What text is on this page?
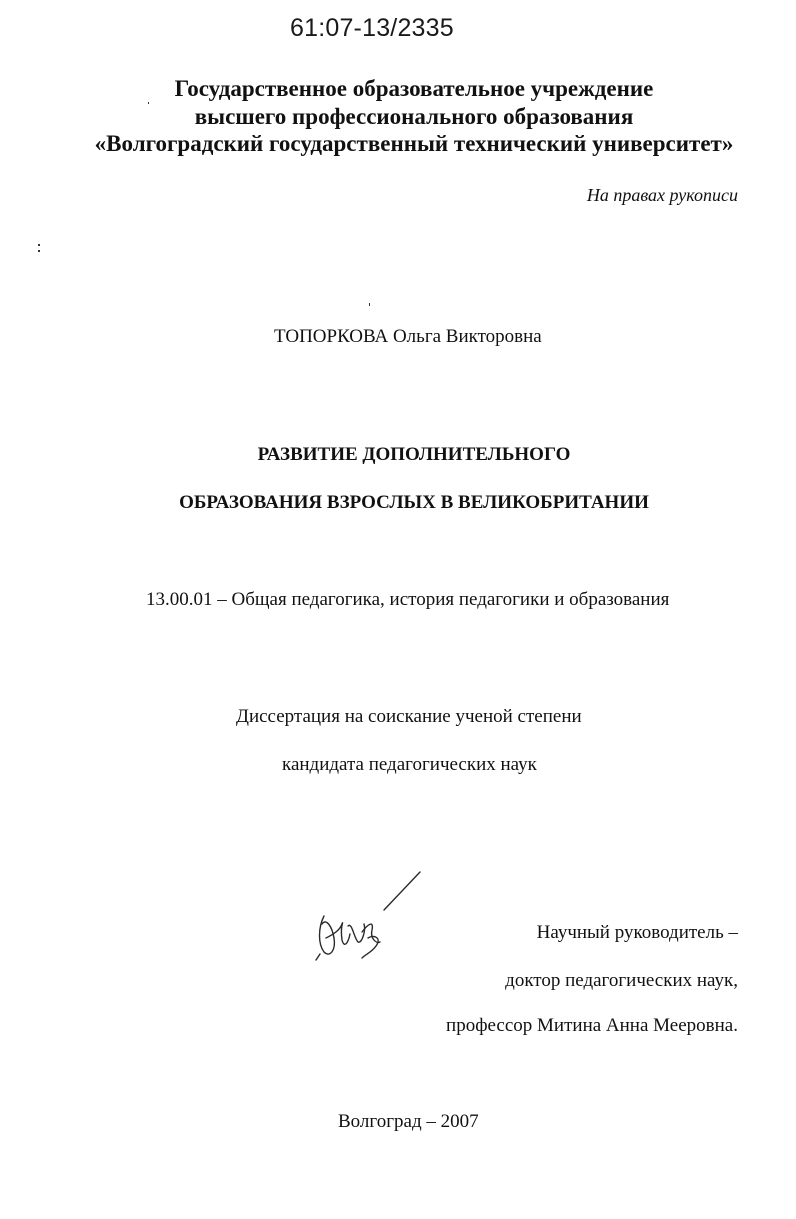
61:07-13/2335
Государственное образовательное учреждение
высшего профессионального образования
«Волгоградский государственный технический университет»
На правах рукописи
ТОПОРКОВА Ольга Викторовна
РАЗВИТИЕ ДОПОЛНИТЕЛЬНОГО
ОБРАЗОВАНИЯ ВЗРОСЛЫХ В ВЕЛИКОБРИТАНИИ
13.00.01 – Общая педагогика, история педагогики и образования
Диссертация на соискание ученой степени
кандидата педагогических наук
Научный руководитель –
доктор педагогических наук,
профессор Митина Анна Мееровна.
Волгоград – 2007
